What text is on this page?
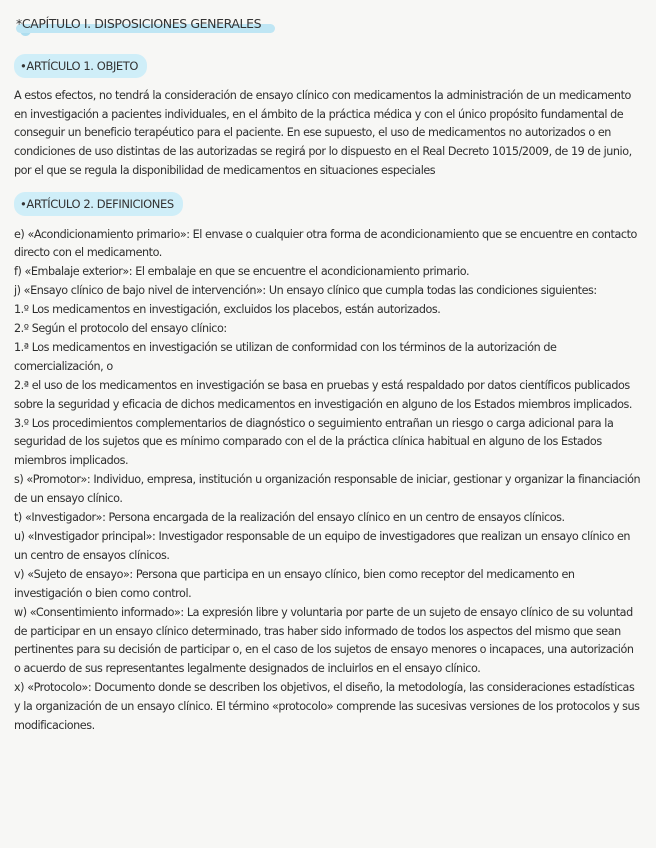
*CAPÍTULO I. DISPOSICIONES GENERALES
•ARTÍCULO 1. OBJETO

A estos efectos, no tendrá la consideración de ensayo clínico con medicamentos la administración de un medicamento en investigación a pacientes individuales, en el ámbito de la práctica médica y con el único propósito fundamental de conseguir un beneficio terapéutico para el paciente. En ese supuesto, el uso de medicamentos no autorizados o en condiciones de uso distintas de las autorizadas se regirá por lo dispuesto en el Real Decreto 1015/2009, de 19 de junio, por el que se regula la disponibilidad de medicamentos en situaciones especiales

•ARTÍCULO 2. DEFINICIONES

e) «Acondicionamiento primario»: El envase o cualquier otra forma de acondicionamiento que se encuentre en contacto directo con el medicamento.

f) «Embalaje exterior»: El embalaje en que se encuentre el acondicionamiento primario.

j) «Ensayo clínico de bajo nivel de intervención»: Un ensayo clínico que cumpla todas las condiciones siguientes:

1.º Los medicamentos en investigación, excluidos los placebos, están autorizados.

2.º Según el protocolo del ensayo clínico:

1.ª Los medicamentos en investigación se utilizan de conformidad con los términos de la autorización de comercialización, o

2.ª el uso de los medicamentos en investigación se basa en pruebas y está respaldado por datos científicos publicados sobre la seguridad y eficacia de dichos medicamentos en investigación en alguno de los Estados miembros implicados.

3.º Los procedimientos complementarios de diagnóstico o seguimiento entrañan un riesgo o carga adicional para la seguridad de los sujetos que es mínimo comparado con el de la práctica clínica habitual en alguno de los Estados miembros implicados.

s) «Promotor»: Individuo, empresa, institución u organización responsable de iniciar, gestionar y organizar la financiación de un ensayo clínico.

t) «Investigador»: Persona encargada de la realización del ensayo clínico en un centro de ensayos clínicos.

u) «Investigador principal»: Investigador responsable de un equipo de investigadores que realizan un ensayo clínico en un centro de ensayos clínicos.

v) «Sujeto de ensayo»: Persona que participa en un ensayo clínico, bien como receptor del medicamento en investigación o bien como control.

w) «Consentimiento informado»: La expresión libre y voluntaria por parte de un sujeto de ensayo clínico de su voluntad de participar en un ensayo clínico determinado, tras haber sido informado de todos los aspectos del mismo que sean pertinentes para su decisión de participar o, en el caso de los sujetos de ensayo menores o incapaces, una autorización o acuerdo de sus representantes legalmente designados de incluirlos en el ensayo clínico.

x) «Protocolo»: Documento donde se describen los objetivos, el diseño, la metodología, las consideraciones estadísticas y la organización de un ensayo clínico. El término «protocolo» comprende las sucesivas versiones de los protocolos y sus modificaciones.
